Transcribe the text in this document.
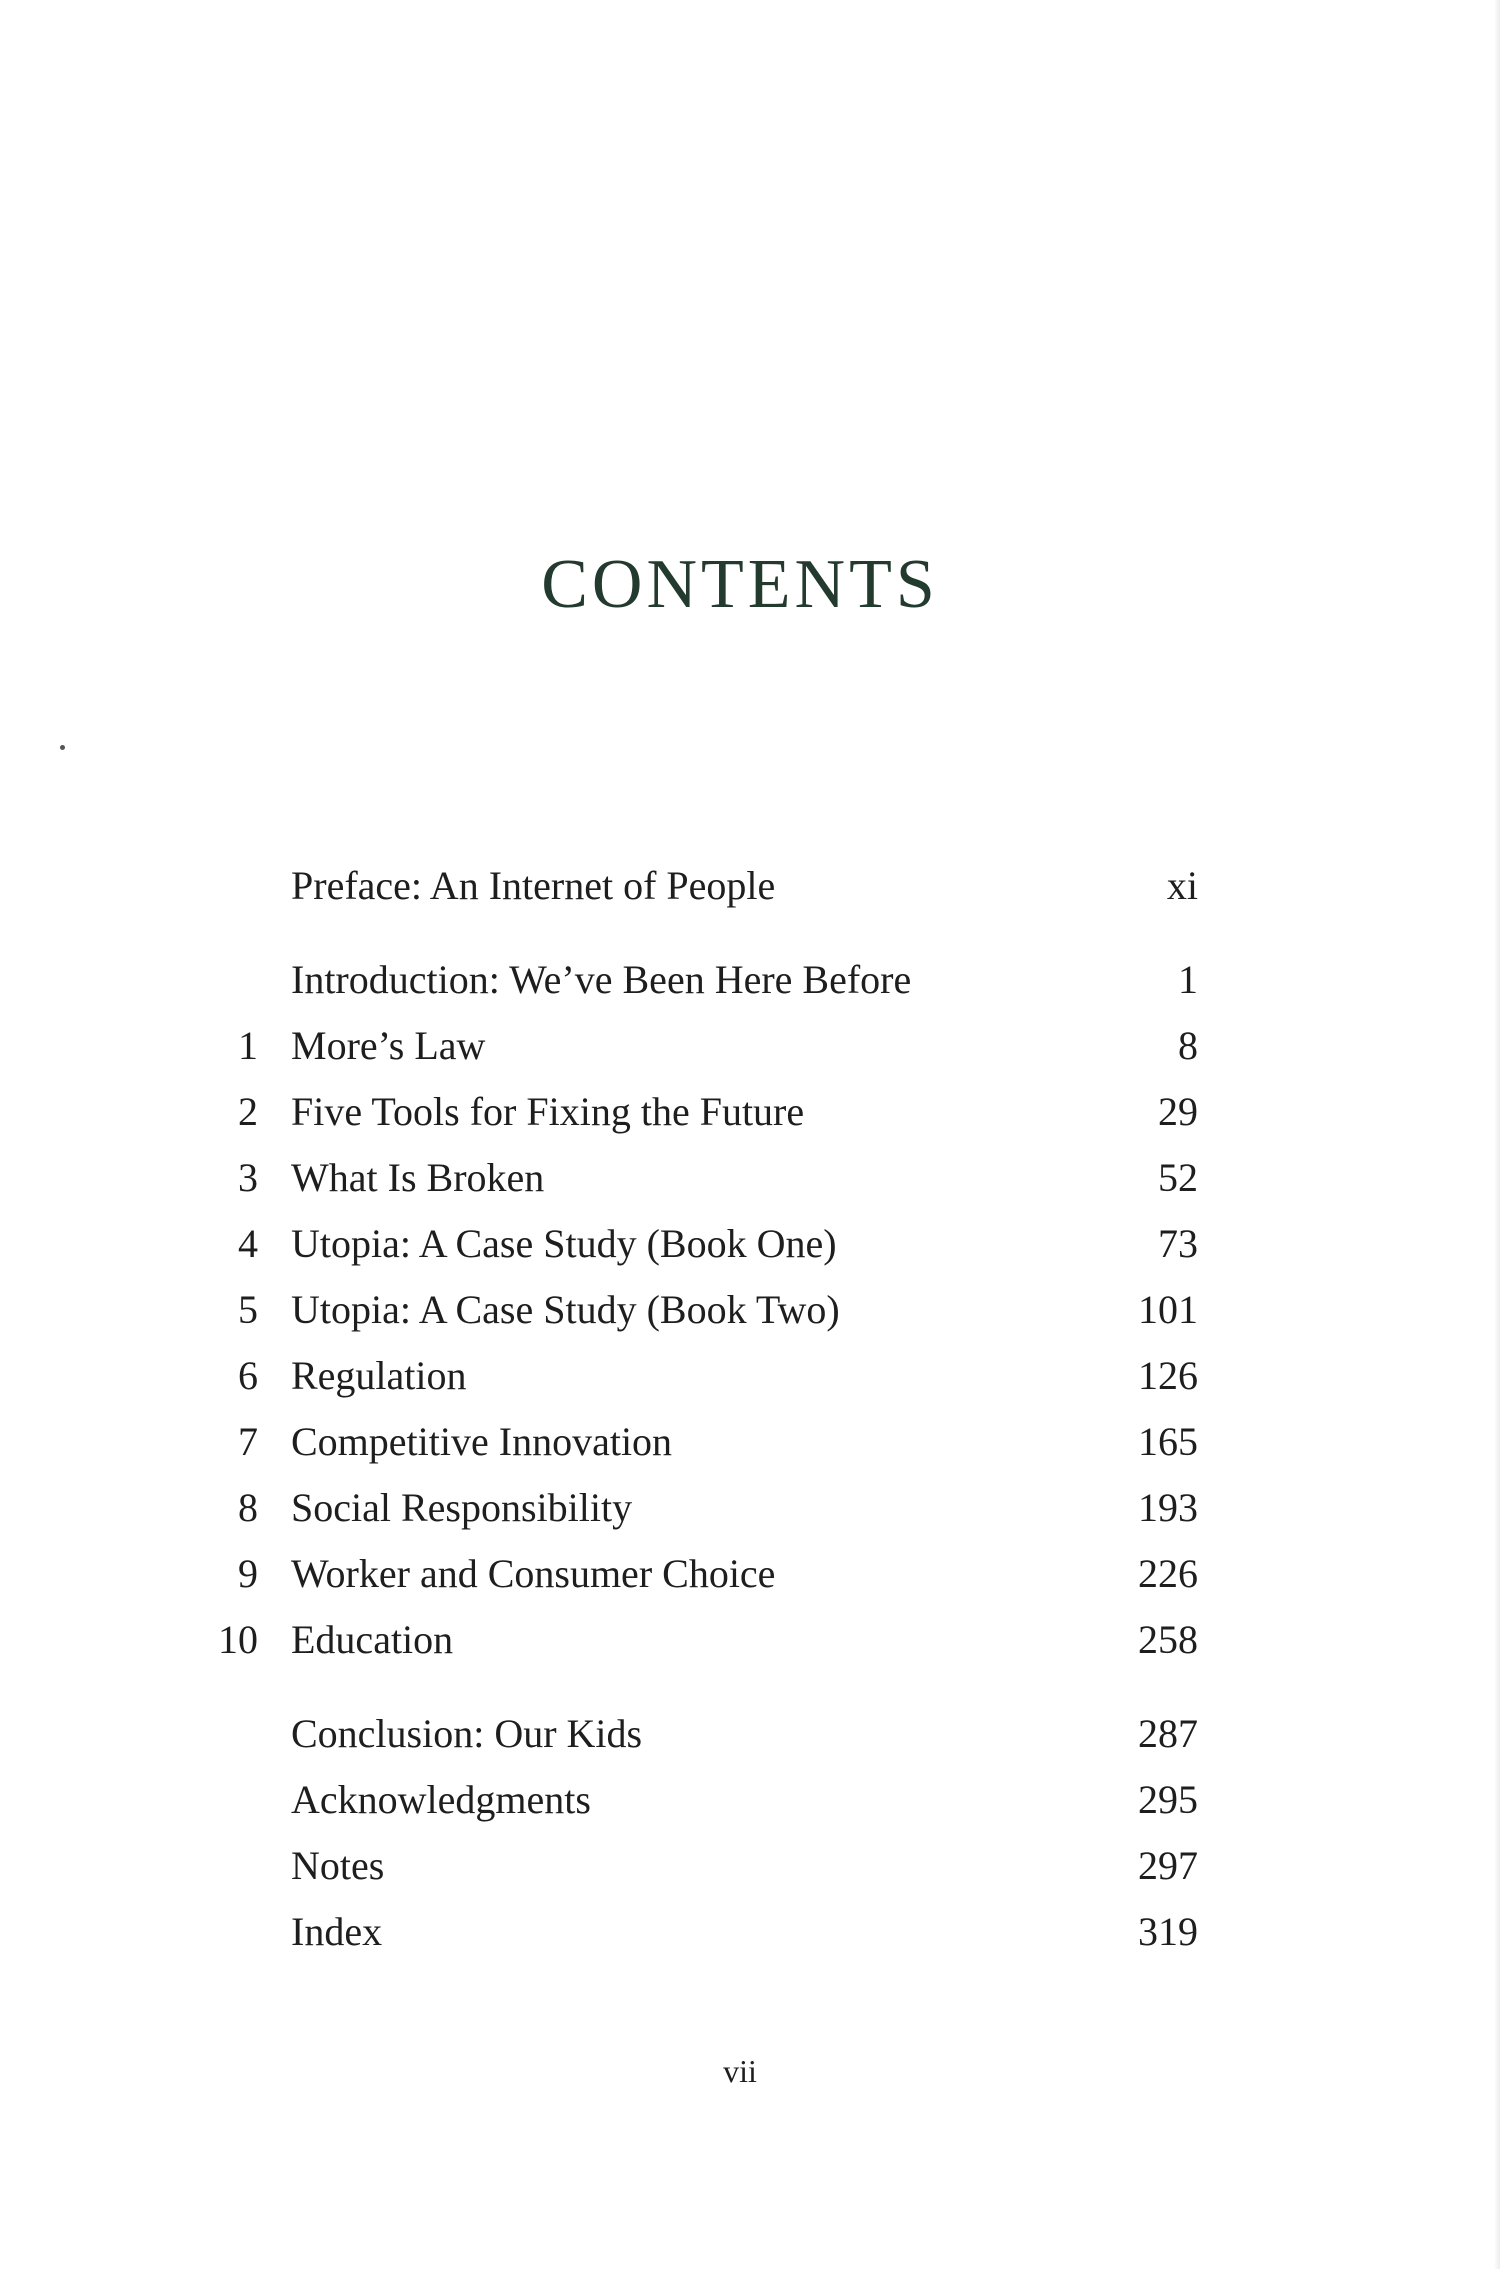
CONTENTS
Preface: An Internet of People	xi
Introduction: We’ve Been Here Before	1
1 More’s Law	8
2 Five Tools for Fixing the Future	29
3 What Is Broken	52
4 Utopia: A Case Study (Book One)	73
5 Utopia: A Case Study (Book Two)	101
6 Regulation	126
7 Competitive Innovation	165
8 Social Responsibility	193
9 Worker and Consumer Choice	226
10 Education	258
Conclusion: Our Kids	287
Acknowledgments	295
Notes	297
Index	319
vii
